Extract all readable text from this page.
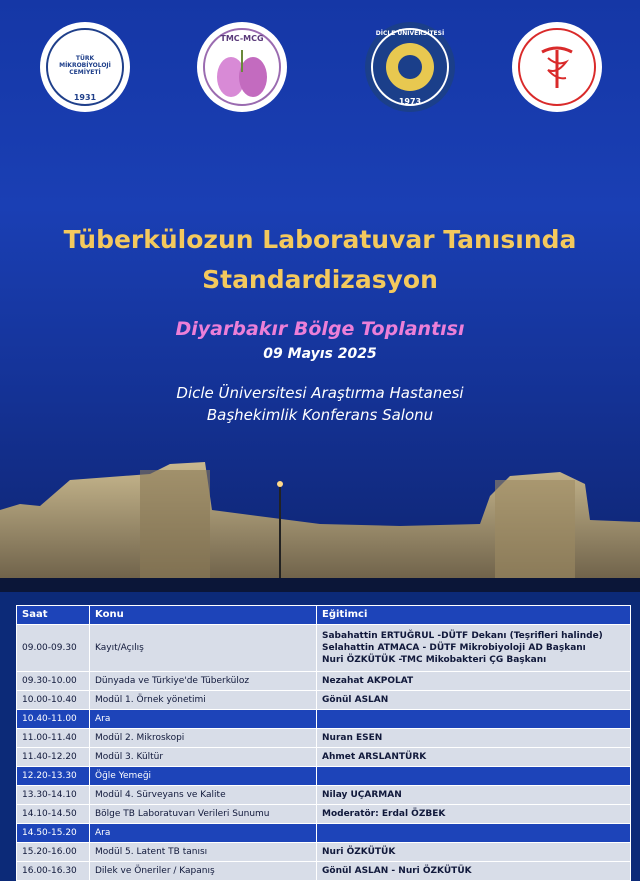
TÜRK MİKROBİYOLOJİ CEMİYETİ
1931
TMC-MCG
DİCLE ÜNİVERSİTESİ
1973
Tüberkülozun Laboratuvar Tanısında
Standardizasyon
Diyarbakır Bölge Toplantısı
09 Mayıs 2025
Dicle Üniversitesi Araştırma Hastanesi
Başhekimlik Konferans Salonu
Saat	Konu	Eğitimci
09.00-09.30	Kayıt/Açılış	Sabahattin ERTUĞRUL -DÜTF Dekanı (Teşrifleri halinde)
Selahattin ATMACA - DÜTF Mikrobiyoloji AD Başkanı
Nuri ÖZKÜTÜK -TMC Mikobakteri ÇG Başkanı

09.30-10.00	Dünyada ve Türkiye'de Tüberküloz	Nezahat AKPOLAT
10.00-10.40	Modül 1. Örnek yönetimi	Gönül ASLAN
10.40-11.00	Ara	
11.00-11.40	Modül 2. Mikroskopi	Nuran ESEN
11.40-12.20	Modül 3. Kültür	Ahmet ARSLANTÜRK
12.20-13.30	Öğle Yemeği	
13.30-14.10	Modül 4. Sürveyans ve Kalite	Nilay UÇARMAN
14.10-14.50	Bölge TB Laboratuvarı Verileri Sunumu	Moderatör: Erdal ÖZBEK
14.50-15.20	Ara	
15.20-16.00	Modül 5. Latent TB tanısı	Nuri ÖZKÜTÜK
16.00-16.30	Dilek ve Öneriler / Kapanış	Gönül ASLAN - Nuri ÖZKÜTÜK
